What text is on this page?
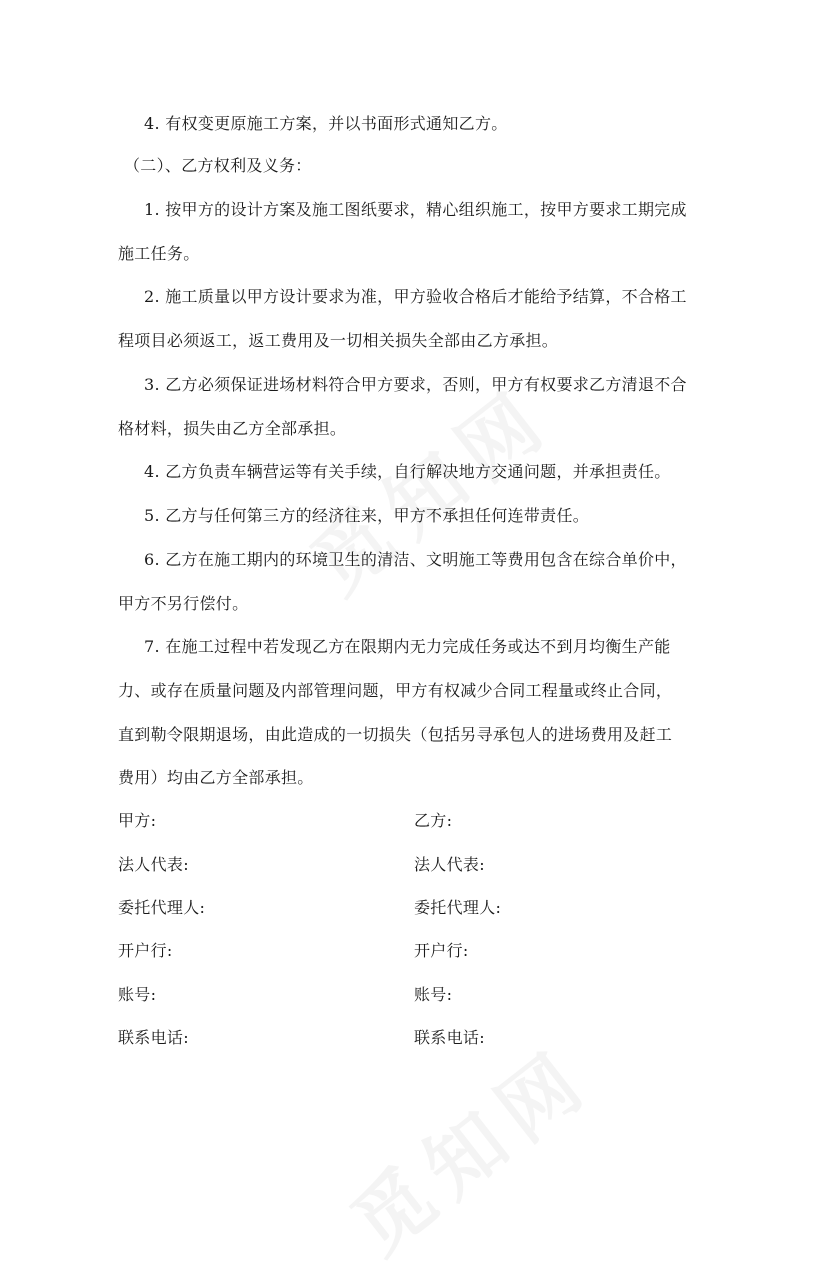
4. 有权变更原施工方案，并以书面形式通知乙方。
（二）、乙方权利及义务：
1. 按甲方的设计方案及施工图纸要求，精心组织施工，按甲方要求工期完成
施工任务。
2. 施工质量以甲方设计要求为准，甲方验收合格后才能给予结算，不合格工
程项目必须返工，返工费用及一切相关损失全部由乙方承担。
3. 乙方必须保证进场材料符合甲方要求，否则，甲方有权要求乙方清退不合
格材料，损失由乙方全部承担。
4. 乙方负责车辆营运等有关手续，自行解决地方交通问题，并承担责任。
5. 乙方与任何第三方的经济往来，甲方不承担任何连带责任。
6. 乙方在施工期内的环境卫生的清洁、文明施工等费用包含在综合单价中，
甲方不另行偿付。
7. 在施工过程中若发现乙方在限期内无力完成任务或达不到月均衡生产能
力、或存在质量问题及内部管理问题，甲方有权减少合同工程量或终止合同，
直到勒令限期退场，由此造成的一切损失（包括另寻承包人的进场费用及赶工
费用）均由乙方全部承担。
甲方:	乙方:
法人代表:	法人代表:
委托代理人:	委托代理人:
开户行:	开户行:
账号:	账号:
联系电话:	联系电话:
